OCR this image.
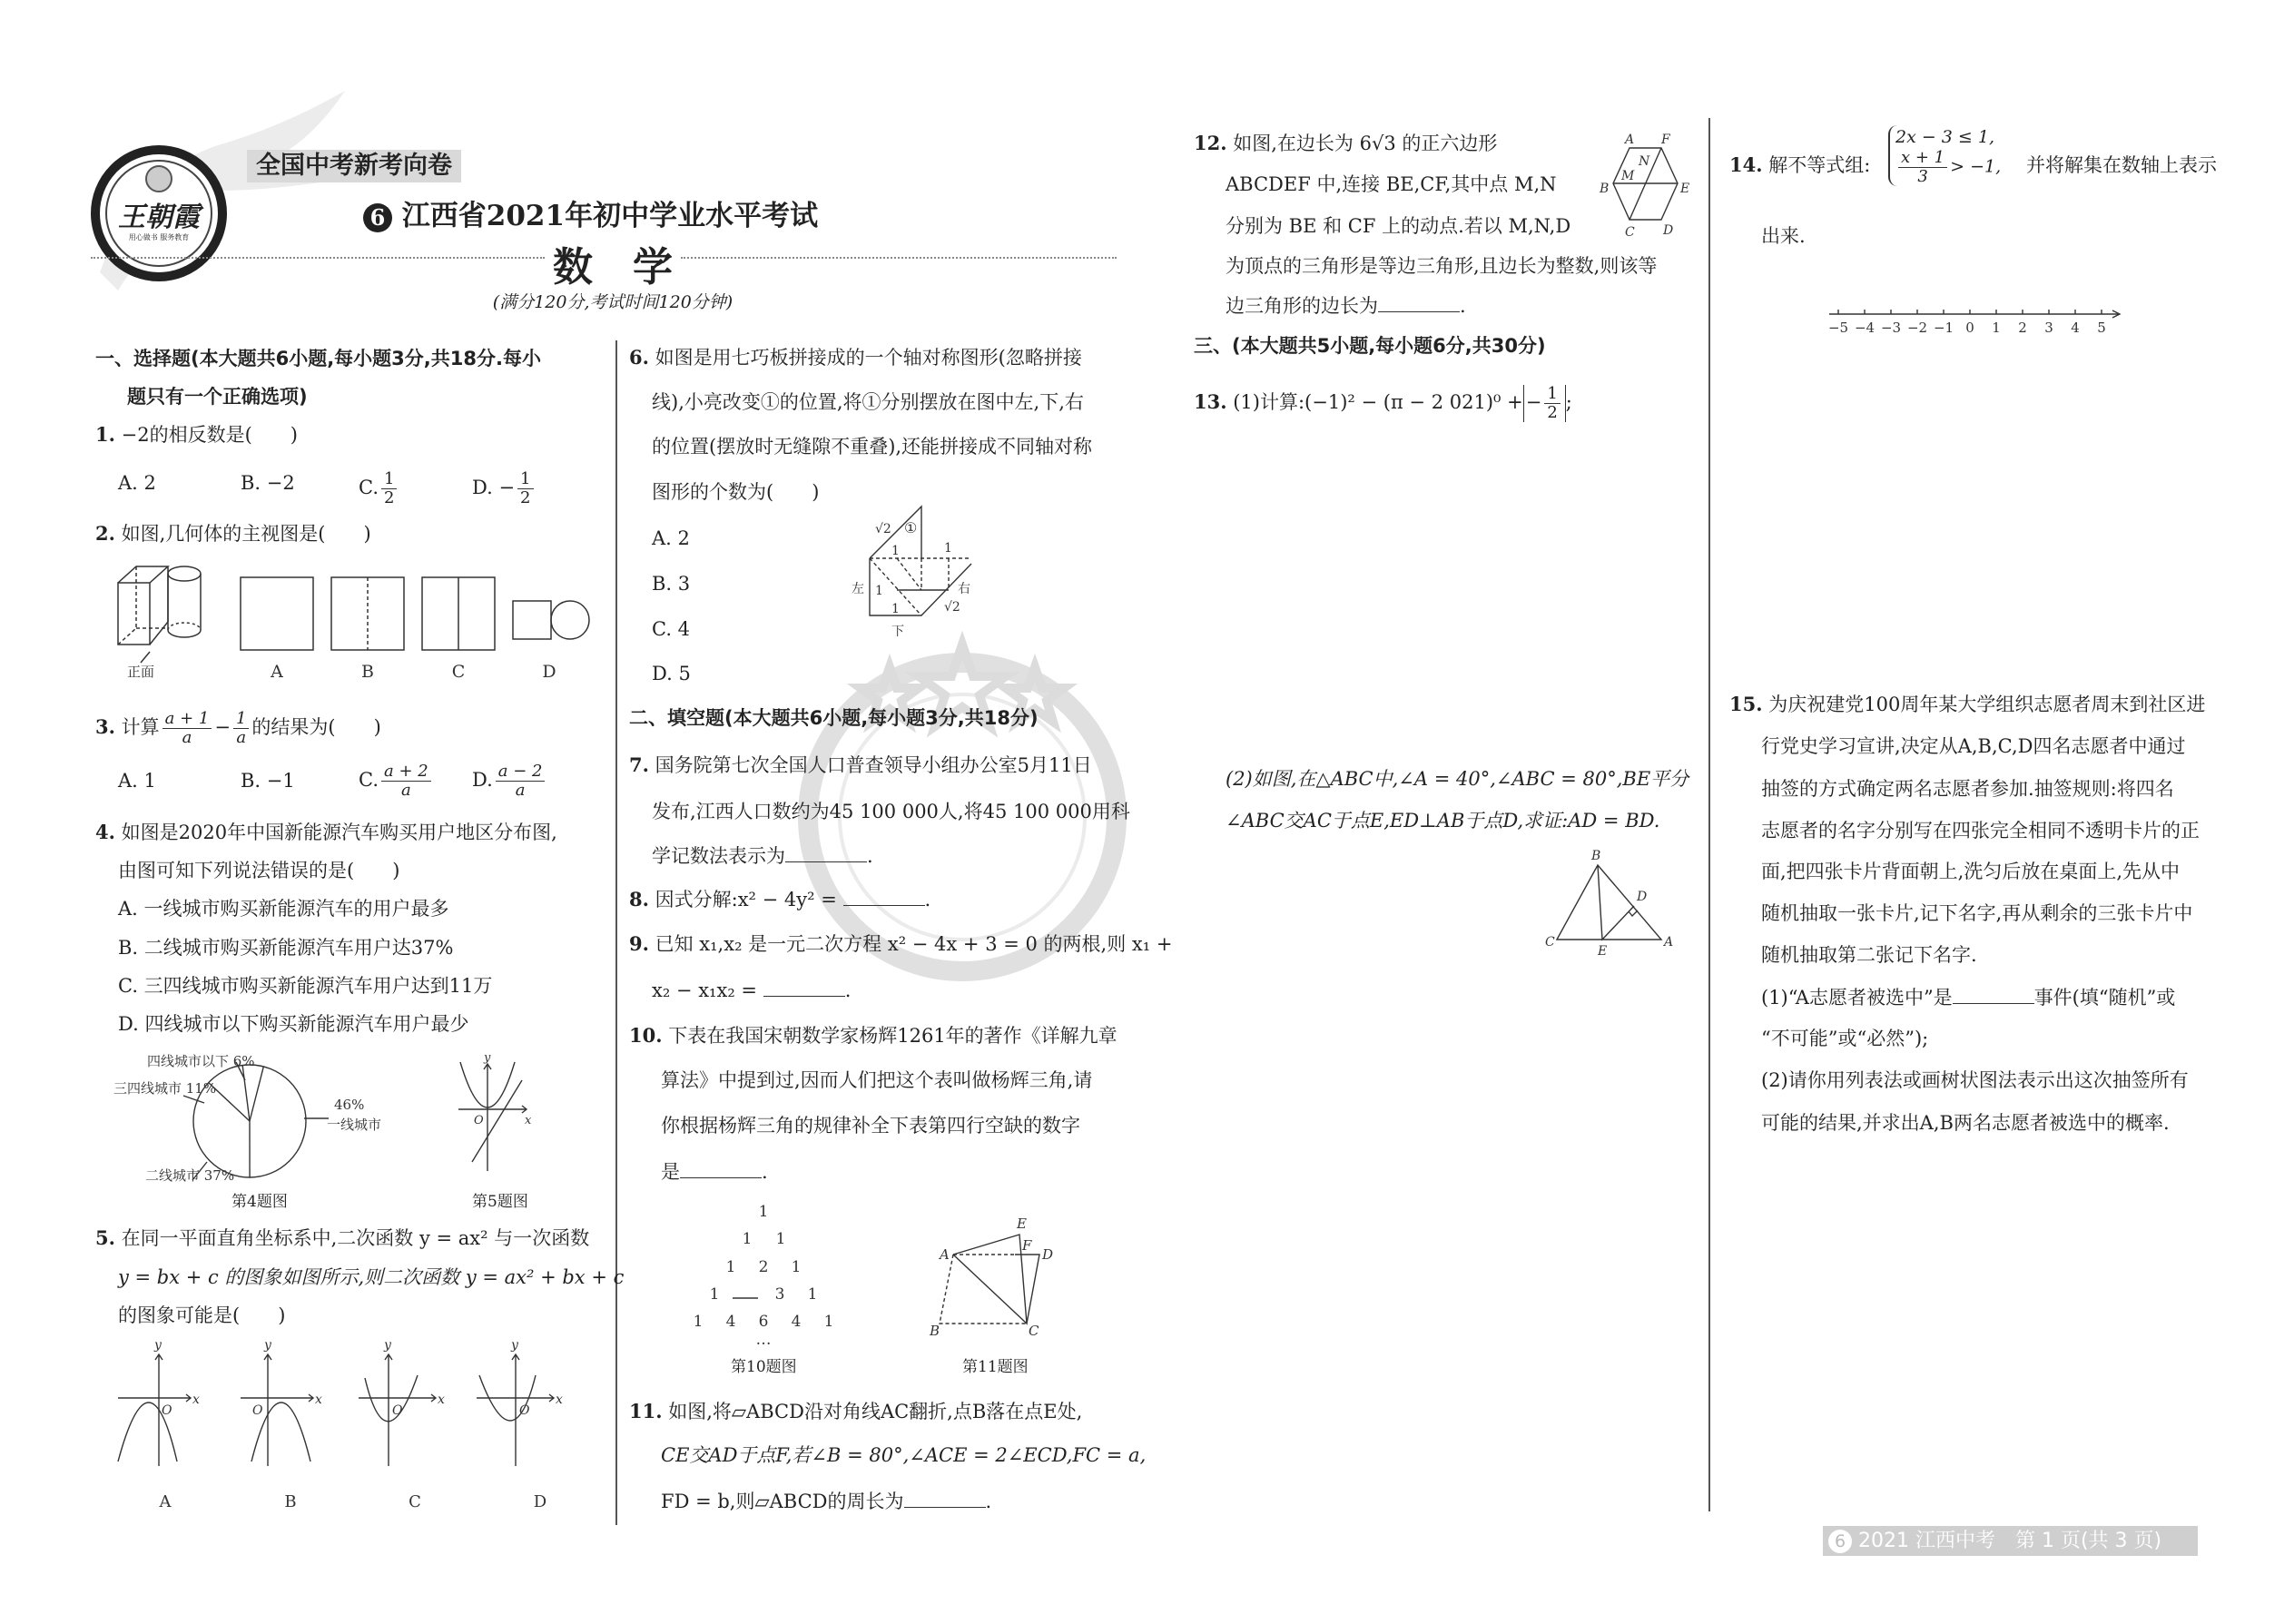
王朝霞
用心做书 服务教育
全国中考新考向卷
6 江西省2021年初中学业水平考试
数　学
(满分120分,考试时间120分钟)
一、选择题(本大题共6小题,每小题3分,共18分.每小
题只有一个正确选项)
1. −2的相反数是(　　)
A. 2	B. −2	C. $\frac{1}{2}$	D. − $\frac{1}{2}$
2. 如图,几何体的主视图是(　　)
正面	A	B	C	D
3. 计算 $\frac{a + 1}{a} - \frac{1}{a}$ 的结果为(　　)
A. 1	B. −1	C. $\frac{a + 2}{a} D$. $\frac{a - 2}{a}$
4. 如图是2020年中国新能源汽车购买用户地区分布图,
由图可知下列说法错误的是(　　)
A. 一线城市购买新能源汽车的用户最多
B. 二线城市购买新能源汽车用户达37%
C. 三四线城市购买新能源汽车用户达到11万
D. 四线城市以下购买新能源汽车用户最少
四线城市以下 6%
三四线城市 11%
46%
一线城市
二线城市 37%
第4题图
y
x
O
第5题图
5. 在同一平面直角坐标系中,二次函数 y = ax² 与一次函数
y = bx + c 的图象如图所示,则二次函数 y = ax² + bx + c
的图象可能是(　　)
y
x
O
y
x
O
y
x
O
y
x
O
A	B	C	D
6. 如图是用七巧板拼接成的一个轴对称图形(忽略拼接
线),小亮改变①的位置,将①分别摆放在图中左,下,右
的位置(摆放时无缝隙不重叠),还能拼接成不同轴对称
图形的个数为(　　)
A. 2
B. 3
C. 4
D. 5
√2 ①
1	1
1
1
左
下
右
√2
二、填空题(本大题共6小题,每小题3分,共18分)
7. 国务院第七次全国人口普查领导小组办公室5月11日
发布,江西人口数约为45 100 000人,将45 100 000用科
学记数法表示为	.
8. 因式分解:x² − 4y² =	.
9. 已知 x₁,x₂ 是一元二次方程 x² − 4x + 3 = 0 的两根,则 x₁ +
x₂ − x₁x₂ =	.
10. 下表在我国宋朝数学家杨辉1261年的著作《详解九章
算法》中提到过,因而人们把这个表叫做杨辉三角,请
你根据杨辉三角的规律补全下表第四行空缺的数字
是	.
1
1 1
1 2 1
1	3 1
1 4 6 4 1
…
第10题图
A
B	C
D
E
F
第11题图
11. 如图,将▱ABCD沿对角线AC翻折,点B落在点E处,
CE交AD于点F,若∠B = 80°,∠ACE = 2∠ECD,FC = a,
FD = b,则▱ABCD的周长为	.
12. 如图,在边长为 6√3 的正六边形
ABCDEF 中,连接 BE,CF,其中点 M,N
分别为 BE 和 CF 上的动点.若以 M,N,D
为顶点的三角形是等边三角形,且边长为整数,则该等
边三角形的边长为	.
A F
B	E
C D
M
N
三、(本大题共5小题,每小题6分,共30分)
13. (1)计算:(−1)² − (π − 2 021)⁰ + − $\frac{1}{2}$ ;
(2)如图,在△ABC中,∠A = 40°,∠ABC = 80°,BE平分
∠ABC交AC于点E,ED⊥AB于点D,求证:AD = BD.
B
D
C
E
A
14. 解不等式组:
2x − 3 ≤ 1,
$\frac{x + 1}{3} > -1$, 并将解集在数轴上表示
出来.
−5 −4 −3 −2 −1 0 1 2 3 4 5
15. 为庆祝建党100周年某大学组织志愿者周末到社区进
行党史学习宣讲,决定从A,B,C,D四名志愿者中通过
抽签的方式确定两名志愿者参加.抽签规则:将四名
志愿者的名字分别写在四张完全相同不透明卡片的正
面,把四张卡片背面朝上,洗匀后放在桌面上,先从中
随机抽取一张卡片,记下名字,再从剩余的三张卡片中
随机抽取第二张记下名字.
(1)“A志愿者被选中”是	事件(填“随机”或
“不可能”或“必然”);
(2)请你用列表法或画树状图法表示出这次抽签所有
可能的结果,并求出A,B两名志愿者被选中的概率.
6 2021 江西中考　第 1 页(共 3 页)
